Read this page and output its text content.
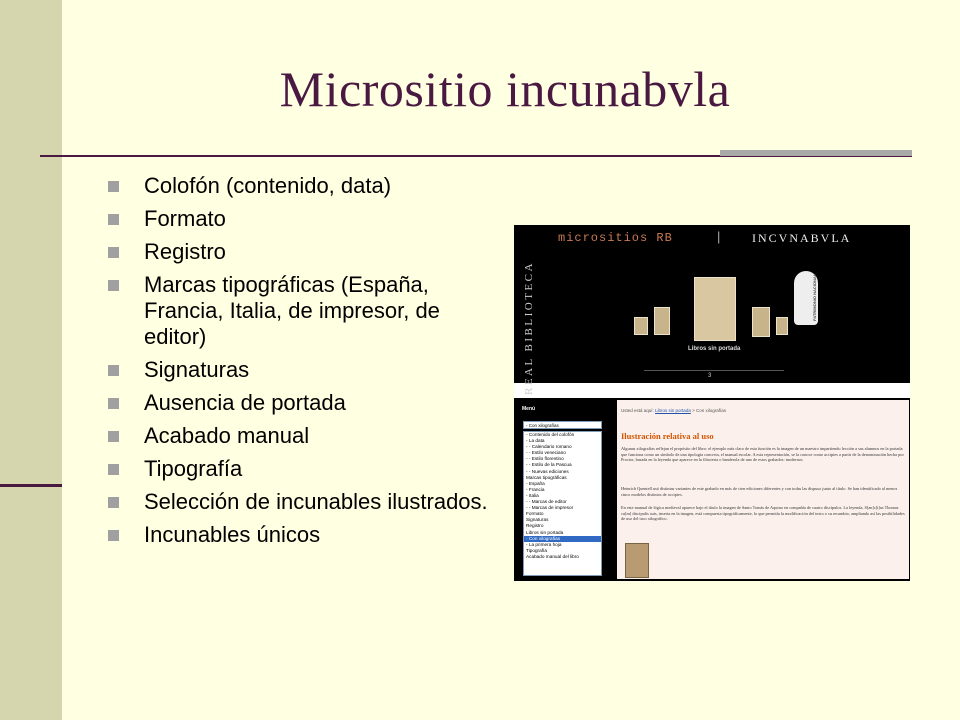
Micrositio incunabvla
Colofón (contenido, data)
Formato
Registro
Marcas tipográficas (España, Francia, Italia, de impresor, de editor)
Signaturas
Ausencia de portada
Acabado manual
Tipografía
Selección de incunables ilustrados.
Incunables únicos
REAL BIBLIOTECA
micrositios RB	|	INCVNABVLA
Libros sin portada
3
PATRIMONIO NACIONAL
Menú
- Con xilografías
- Contenido del colofón
- La data
- - Calendario romano
- - Estilo veneciano
- - Estilo florentino
- - Estilo de la Pascua
- - Nuevas ediciones
Marcas tipográficas
- España
- Francia
- Italia
- - Marcas de editor
- - Marcas de impresor
Formato
Signaturas
Registro
Libros sin portada
- Con xilografías
- La primera hoja
Tipografía
Acabado manual del libro
Usted está aquí: Libros sin portada > Con xilografías
Ilustración relativa al uso
Algunas xilografías reflejan el propósito del libro: el ejemplo más claro de esta función es la imagen de un maestro impartiendo lección a sus alumnos en la portada que funciona como un símbolo de una tipología concreta, el manual escolar. A esta representación, se la conoce como accipies a partir de la denominación hecha por Proctor, basada en la leyenda que aparece en la filacteria o banderola de uno de estos grabados: modernos
Heinrich Quentell usó distintas variantes de este grabado en más de cien ediciones diferentes y con todas las dispuso junto al título. Se han identificado al menos cinco modelos distintos de accipies.
En este manual de lógica medieval aparece bajo el título la imagen de Santo Tomás de Aquino en compañía de cuatro discípulos. La leyenda, S[an]c[t]us Thomas cu[m] discipulis suis, inserta en la imagen, está compuesta tipográficamente, lo que permitía la modificación del texto o su recambio, ampliando así las posibilidades de uso del taco xilográfico.
